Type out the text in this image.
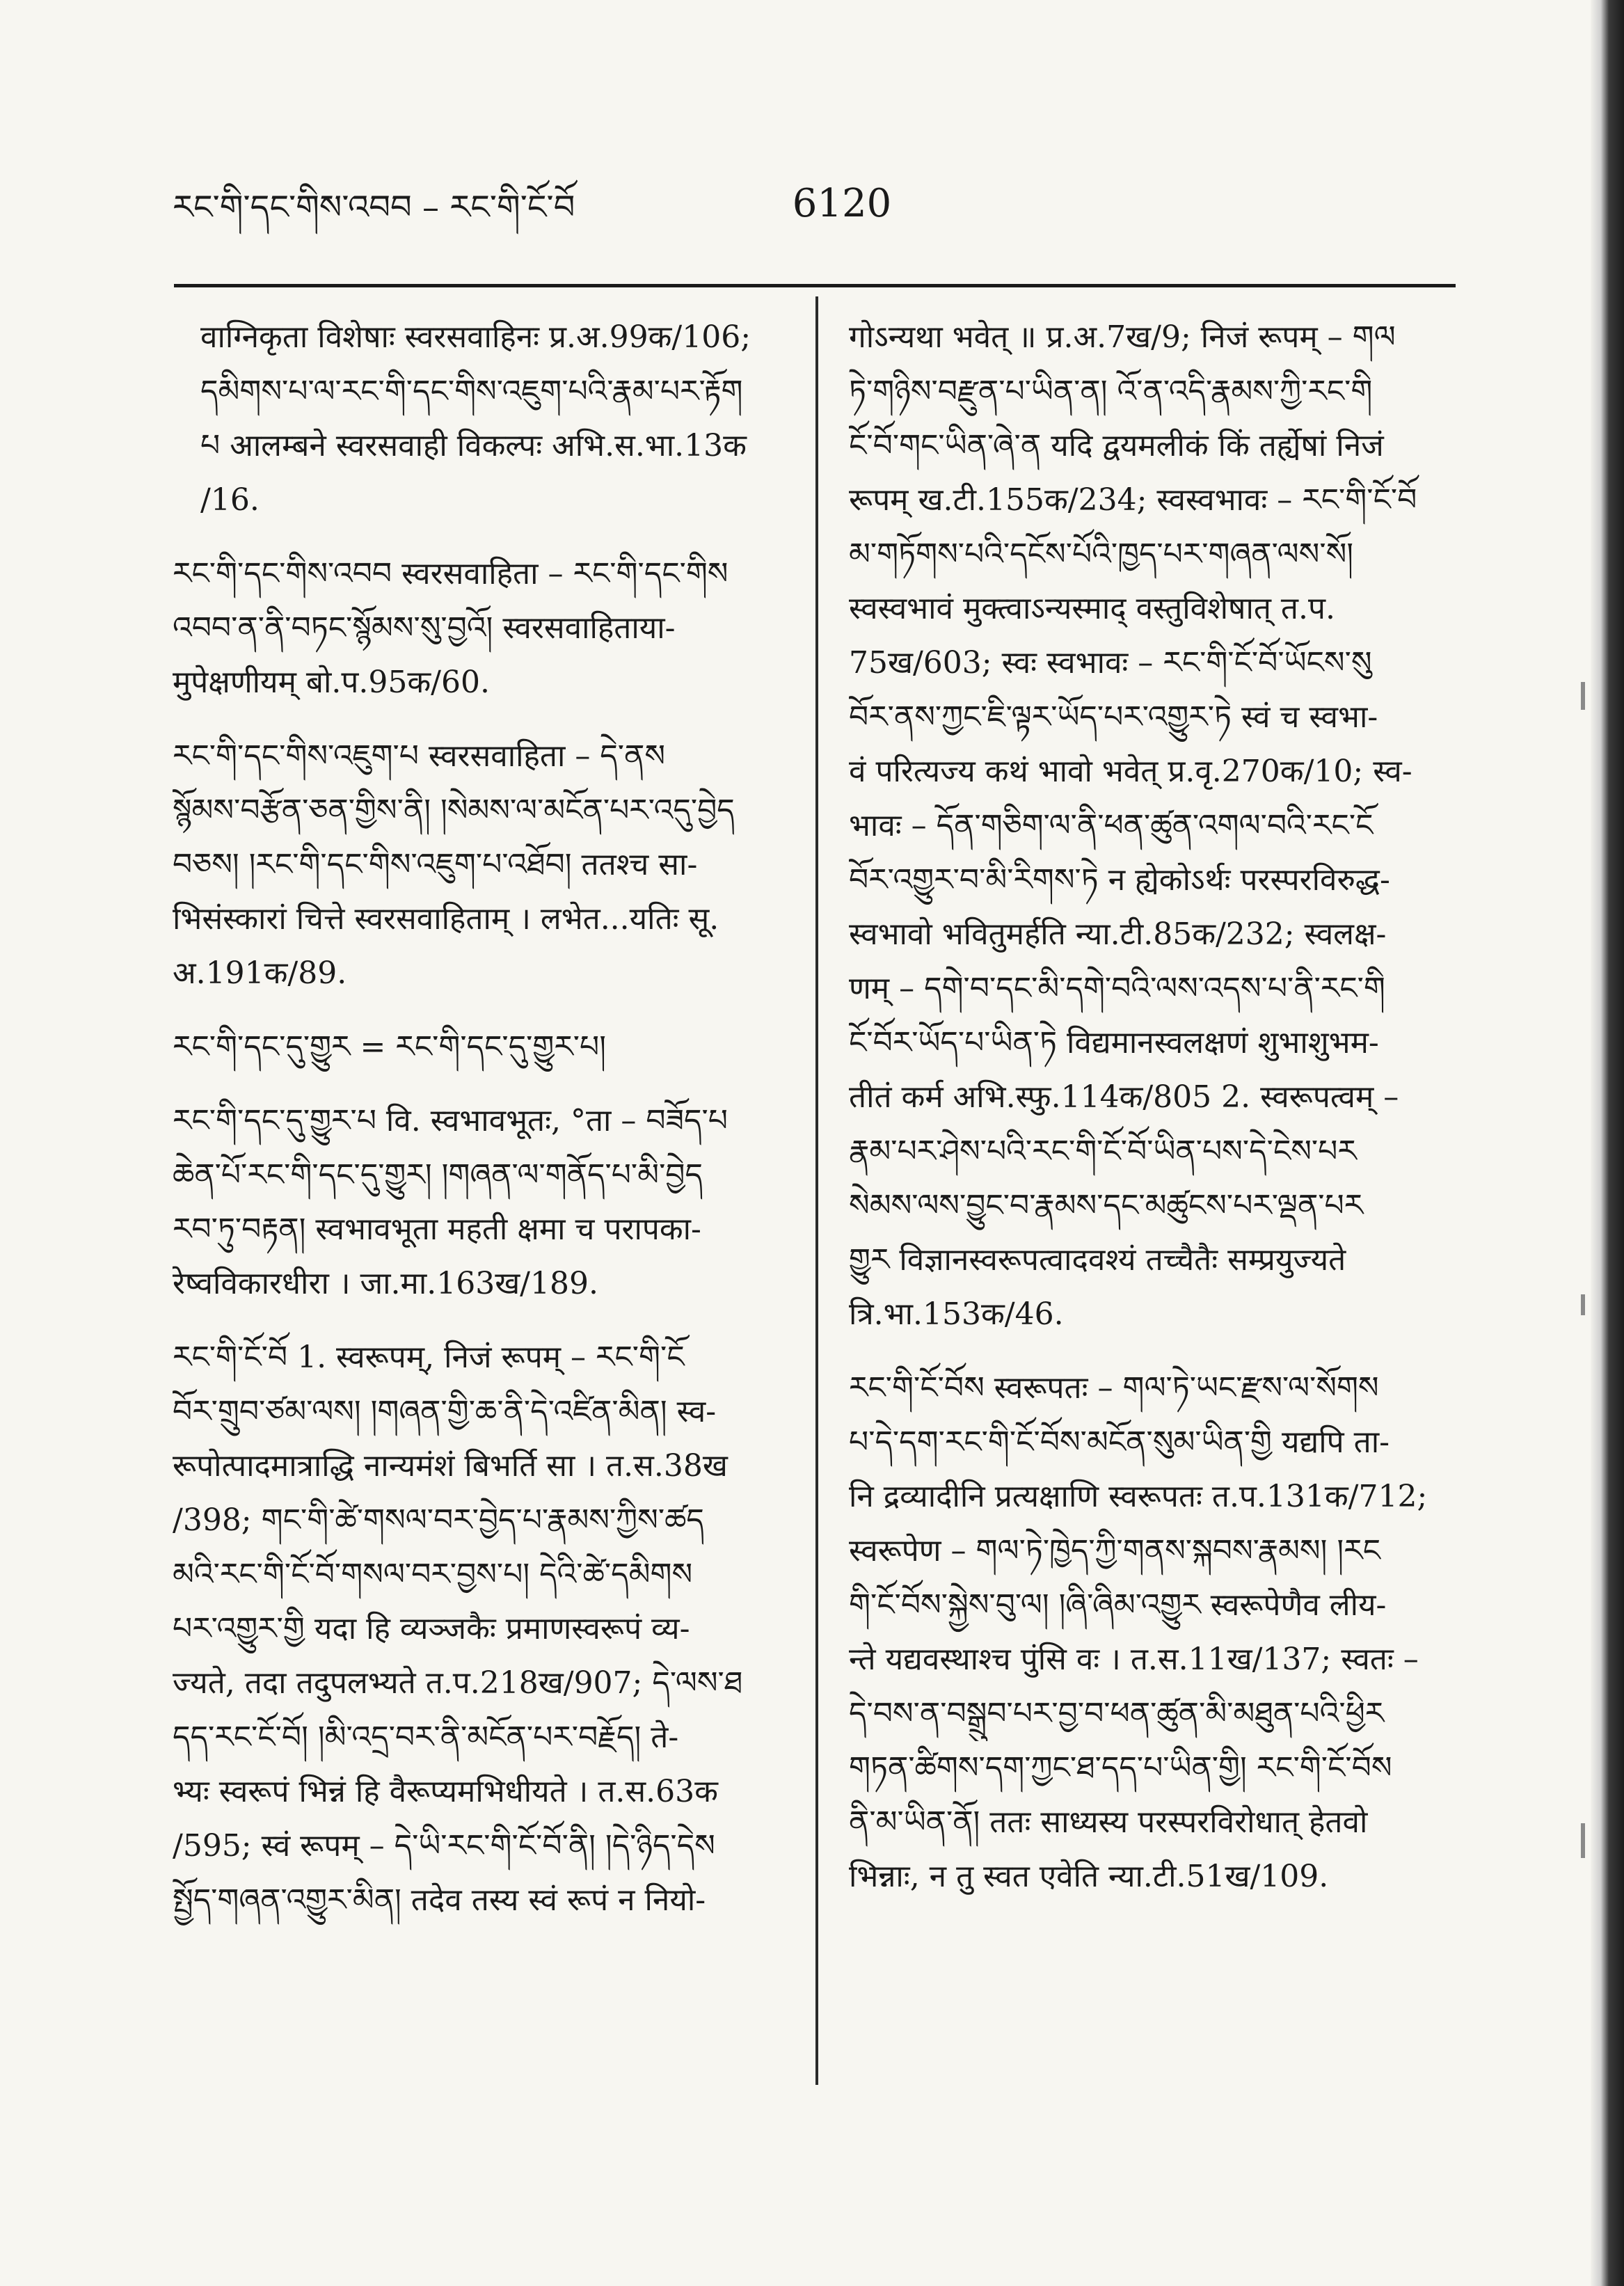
རང་གི་དང་གིས་འབབ – རང་གི་ངོ་བོ	6120
वाग्निकृता विशेषाः स्वरसवाहिनः प्र.अ.99क/106;
དམིགས་པ་ལ་རང་གི་དང་གིས་འཇུག་པའི་རྣམ་པར་རྟོག
པ आलम्बने स्वरसवाही विकल्पः अभि.स.भा.13क
/16.
རང་གི་དང་གིས་འབབ स्वरसवाहिता – རང་གི་དང་གིས
འབབ་ན་ནི་བཏང་སྙོམས་སུ་བྱའོ། स्वरसवाहिताया-
मुपेक्षणीयम् बो.प.95क/60.
རང་གི་དང་གིས་འཇུག་པ स्वरसवाहिता – དེ་ནས
སྙོམས་བརྩོན་ཅན་གྱིས་ནི། །སེམས་ལ་མངོན་པར་འདུ་བྱེད
བཅས། །རང་གི་དང་གིས་འཇུག་པ་འཐོབ། ततश्च सा-
भिसंस्कारां चित्ते स्वरसवाहिताम् । लभेत...यतिः सू.
अ.191क/89.
རང་གི་དང་དུ་གྱུར = རང་གི་དང་དུ་གྱུར་པ།
རང་གི་དང་དུ་གྱུར་པ वि. स्वभावभूतः, °ता – བཟོད་པ
ཆེན་པོ་རང་གི་དང་དུ་གྱུར། །གཞན་ལ་གནོད་པ་མི་བྱེད
རབ་ཏུ་བརྟན། स्वभावभूता महती क्षमा च परापका-
रेष्वविकारधीरा । जा.मा.163ख/189.
རང་གི་ངོ་བོ 1. स्वरूपम्, निजं रूपम् – རང་གི་ངོ
བོར་གྲུབ་ཙམ་ལས། །གཞན་གྱི་ཆ་ནི་དེ་འཛིན་མིན། स्व-
रूपोत्पादमात्राद्धि नान्यमंशं बिभर्ति सा । त.स.38ख
/398; གང་གི་ཚེ་གསལ་བར་བྱེད་པ་རྣམས་ཀྱིས་ཚད
མའི་རང་གི་ངོ་བོ་གསལ་བར་བྱས་པ། དེའི་ཚེ་དམིགས
པར་འགྱུར་གྱི यदा हि व्यञ्जकैः प्रमाणस्वरूपं व्य-
ज्यते, तदा तदुपलभ्यते त.प.218ख/907; དེ་ལས་ཐ
དད་རང་ངོ་བོ། །མི་འདྲ་བར་ནི་མངོན་པར་བརྗོད། ते-
भ्यः स्वरूपं भिन्नं हि वैरूप्यमभिधीयते । त.स.63क
/595; स्वं रूपम् – དེ་ཡི་རང་གི་ངོ་བོ་ནི། །དེ་ཉིད་དེས
སྤྱོད་གཞན་འགྱུར་མིན། तदेव तस्य स्वं रूपं न नियो-
गोऽन्यथा भवेत् ॥ प्र.अ.7ख/9; निजं रूपम् – གལ
ཏེ་གཉིས་བརྫུན་པ་ཡིན་ན། འོ་ན་འདི་རྣམས་ཀྱི་རང་གི
ངོ་བོ་གང་ཡིན་ཞེ་ན यदि द्वयमलीकं किं तर्ह्येषां निजं
रूपम् ख.टी.155क/234; स्वस्वभावः – རང་གི་ངོ་བོ
མ་གཏོགས་པའི་དངོས་པོའི་ཁྱད་པར་གཞན་ལས་སོ།
स्वस्वभावं मुक्त्वाऽन्यस्माद् वस्तुविशेषात् त.प.
75ख/603; स्वः स्वभावः – རང་གི་ངོ་བོ་ཡོངས་སུ
བོར་ནས་ཀྱང་ཇི་ལྟར་ཡོད་པར་འགྱུར་ཏེ स्वं च स्वभा-
वं परित्यज्य कथं भावो भवेत् प्र.वृ.270क/10; स्व-
भावः – དོན་གཅིག་ལ་ནི་ཕན་ཚུན་འགལ་བའི་རང་ངོ
བོར་འགྱུར་བ་མི་རིགས་ཏེ न ह्येकोऽर्थः परस्परविरुद्ध-
स्वभावो भवितुमर्हति न्या.टी.85क/232; स्वलक्ष-
णम् – དགེ་བ་དང་མི་དགེ་བའི་ལས་འདས་པ་ནི་རང་གི
ངོ་བོར་ཡོད་པ་ཡིན་ཏེ विद्यमानस्वलक्षणं शुभाशुभम-
तीतं कर्म अभि.स्फु.114क/805 2. स्वरूपत्वम् –
རྣམ་པར་ཤེས་པའི་རང་གི་ངོ་བོ་ཡིན་པས་དེ་ངེས་པར
སེམས་ལས་བྱུང་བ་རྣམས་དང་མཚུངས་པར་ལྡན་པར
གྱུར विज्ञानस्वरूपत्वादवश्यं तच्चैतैः सम्प्रयुज्यते
त्रि.भा.153क/46.
རང་གི་ངོ་བོས स्वरूपतः – གལ་ཏེ་ཡང་རྫས་ལ་སོགས
པ་དེ་དག་རང་གི་ངོ་བོས་མངོན་སུམ་ཡིན་གྱི यद्यपि ता-
नि द्रव्यादीनि प्रत्यक्षाणि स्वरूपतः त.प.131क/712;
स्वरूपेण – གལ་ཏེ་ཁྱེད་ཀྱི་གནས་སྐབས་རྣམས། །རང
གི་ངོ་བོས་སྐྱེས་བུ་ལ། །ཞི་ཞིམ་འགྱུར स्वरूपेणैव लीय-
न्ते यद्यवस्थाश्च पुंसि वः । त.स.11ख/137; स्वतः –
དེ་བས་ན་བསྒྲུབ་པར་བྱ་བ་ཕན་ཚུན་མི་མཐུན་པའི་ཕྱིར
གཏན་ཚིགས་དག་ཀྱང་ཐ་དད་པ་ཡིན་གྱི། རང་གི་ངོ་བོས
ནི་མ་ཡིན་ནོ། ततः साध्यस्य परस्परविरोधात् हेतवो
भिन्नाः, न तु स्वत एवेति न्या.टी.51ख/109.
